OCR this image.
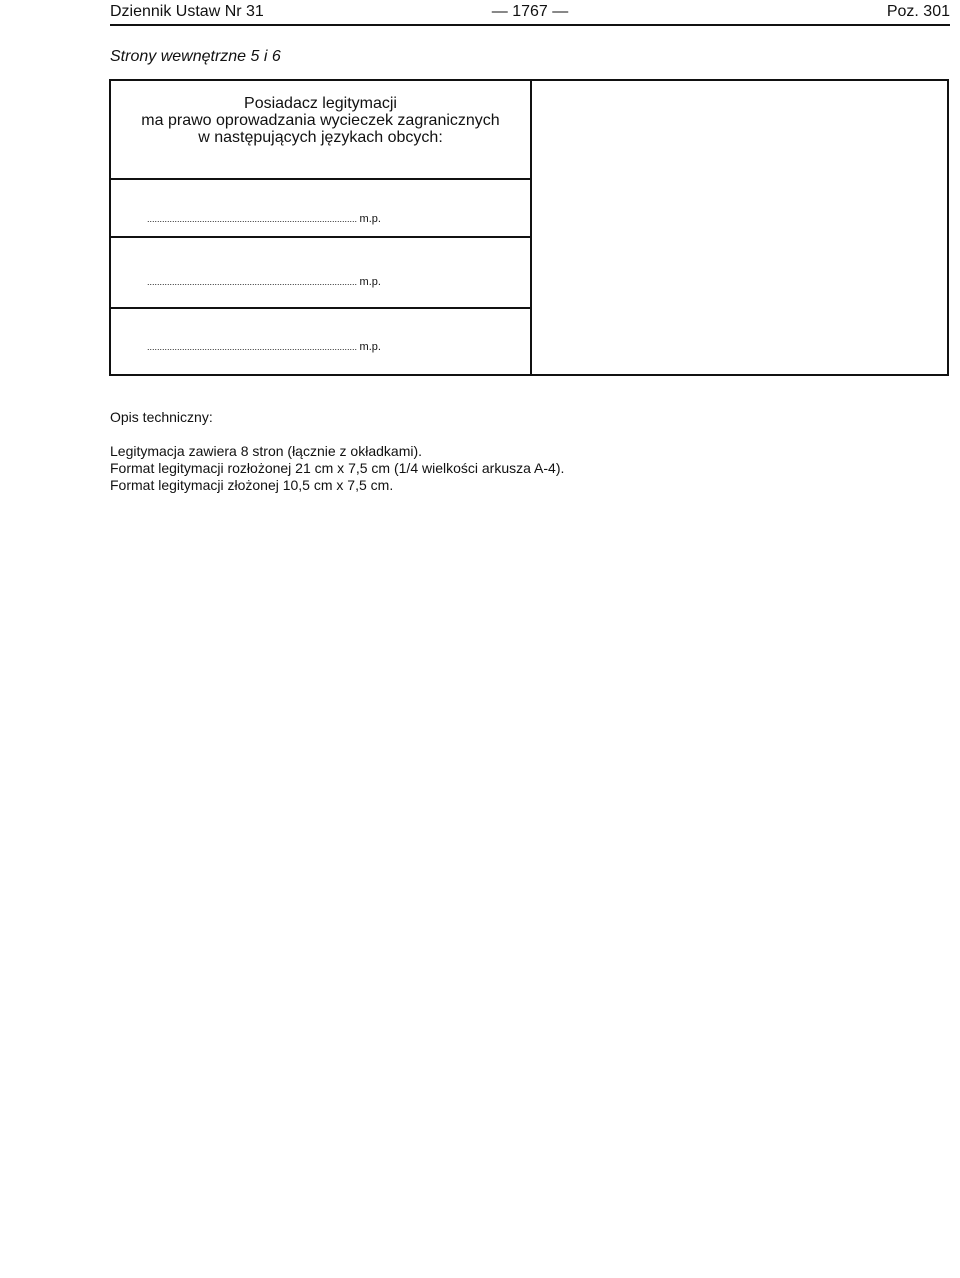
Dziennik Ustaw Nr 31	— 1767 —	Poz. 301
Strony wewnętrzne 5 i 6
Posiadacz legitymacji
ma prawo oprowadzania wycieczek zagranicznych
w następujących językach obcych:
.................................................................................... m.p.
.................................................................................... m.p.
.................................................................................... m.p.
Opis techniczny:
Legitymacja zawiera 8 stron (łącznie z okładkami).
Format legitymacji rozłożonej 21 cm x 7,5 cm (1/4 wielkości arkusza A-4).
Format legitymacji złożonej 10,5 cm x 7,5 cm.
